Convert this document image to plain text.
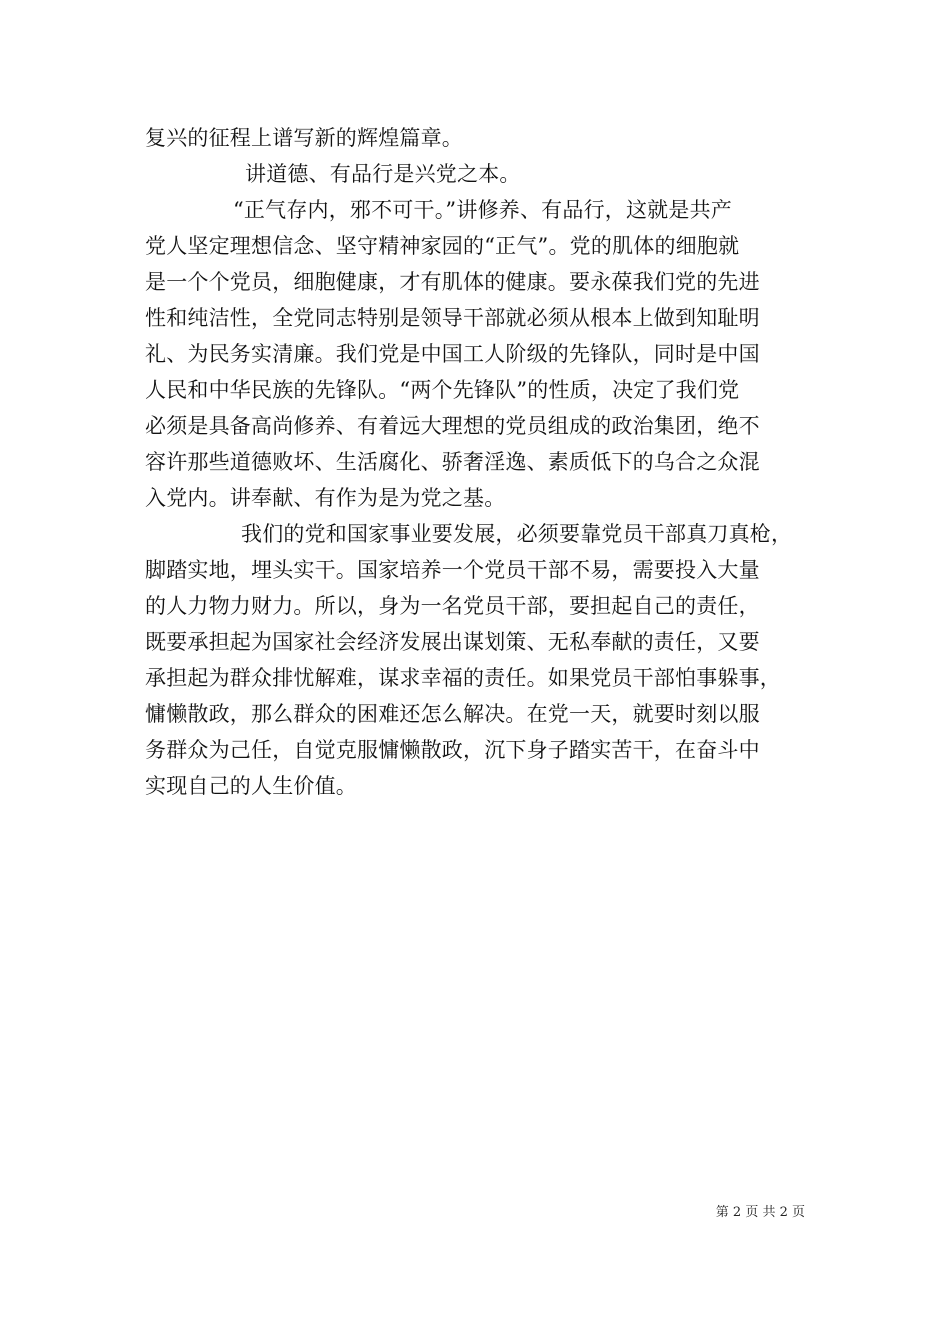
复兴的征程上谱写新的辉煌篇章。
讲道德、有品行是兴党之本。
“正气存内，邪不可干。”讲修养、有品行，这就是共产
党人坚定理想信念、坚守精神家园的“正气”。党的肌体的细胞就
是一个个党员，细胞健康，才有肌体的健康。要永葆我们党的先进
性和纯洁性，全党同志特别是领导干部就必须从根本上做到知耻明
礼、为民务实清廉。我们党是中国工人阶级的先锋队，同时是中国
人民和中华民族的先锋队。“两个先锋队”的性质，决定了我们党
必须是具备高尚修养、有着远大理想的党员组成的政治集团，绝不
容许那些道德败坏、生活腐化、骄奢淫逸、素质低下的乌合之众混
入党内。讲奉献、有作为是为党之基。
我们的党和国家事业要发展，必须要靠党员干部真刀真枪，
脚踏实地，埋头实干。国家培养一个党员干部不易，需要投入大量
的人力物力财力。所以，身为一名党员干部，要担起自己的责任，
既要承担起为国家社会经济发展出谋划策、无私奉献的责任，又要
承担起为群众排忧解难，谋求幸福的责任。如果党员干部怕事躲事，
慵懒散政，那么群众的困难还怎么解决。在党一天，就要时刻以服
务群众为己任，自觉克服慵懒散政，沉下身子踏实苦干，在奋斗中
实现自己的人生价值。
第 2 页 共 2 页
